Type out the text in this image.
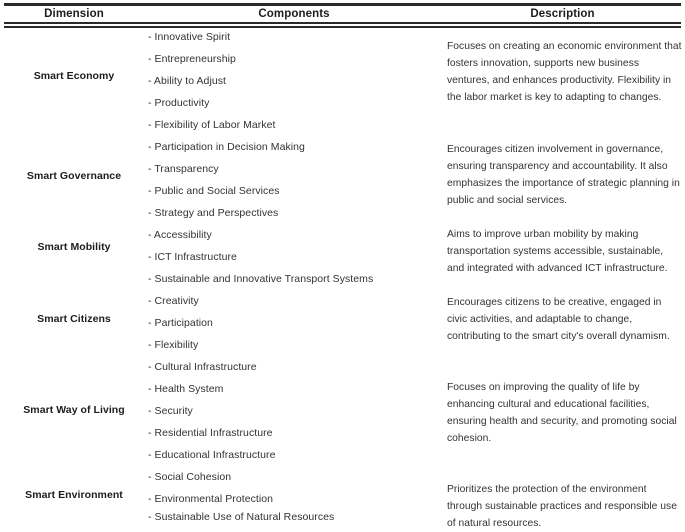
Dimension	Components	Description
Smart Economy
Smart Governance
Smart Mobility
Smart Citizens
Smart Way of Living
Smart Environment
- Innovative Spirit
- Entrepreneurship
- Ability to Adjust
- Productivity
- Flexibility of Labor Market
- Participation in Decision Making
- Transparency
- Public and Social Services
- Strategy and Perspectives
- Accessibility
- ICT Infrastructure
- Sustainable and Innovative Transport Systems
- Creativity
- Participation
- Flexibility
- Cultural Infrastructure
- Health System
- Security
- Residential Infrastructure
- Educational Infrastructure
- Social Cohesion
- Environmental Protection
- Sustainable Use of Natural Resources
Focuses on creating an economic environment that fosters innovation, supports new business ventures, and enhances productivity. Flexibility in the labor market is key to adapting to changes.
Encourages citizen involvement in governance, ensuring transparency and accountability. It also emphasizes the importance of strategic planning in public and social services.
Aims to improve urban mobility by making transportation systems accessible, sustainable, and integrated with advanced ICT infrastructure.
Encourages citizens to be creative, engaged in civic activities, and adaptable to change, contributing to the smart city's overall dynamism.
Focuses on improving the quality of life by enhancing cultural and educational facilities, ensuring health and security, and promoting social cohesion.
Prioritizes the protection of the environment through sustainable practices and responsible use of natural resources.
